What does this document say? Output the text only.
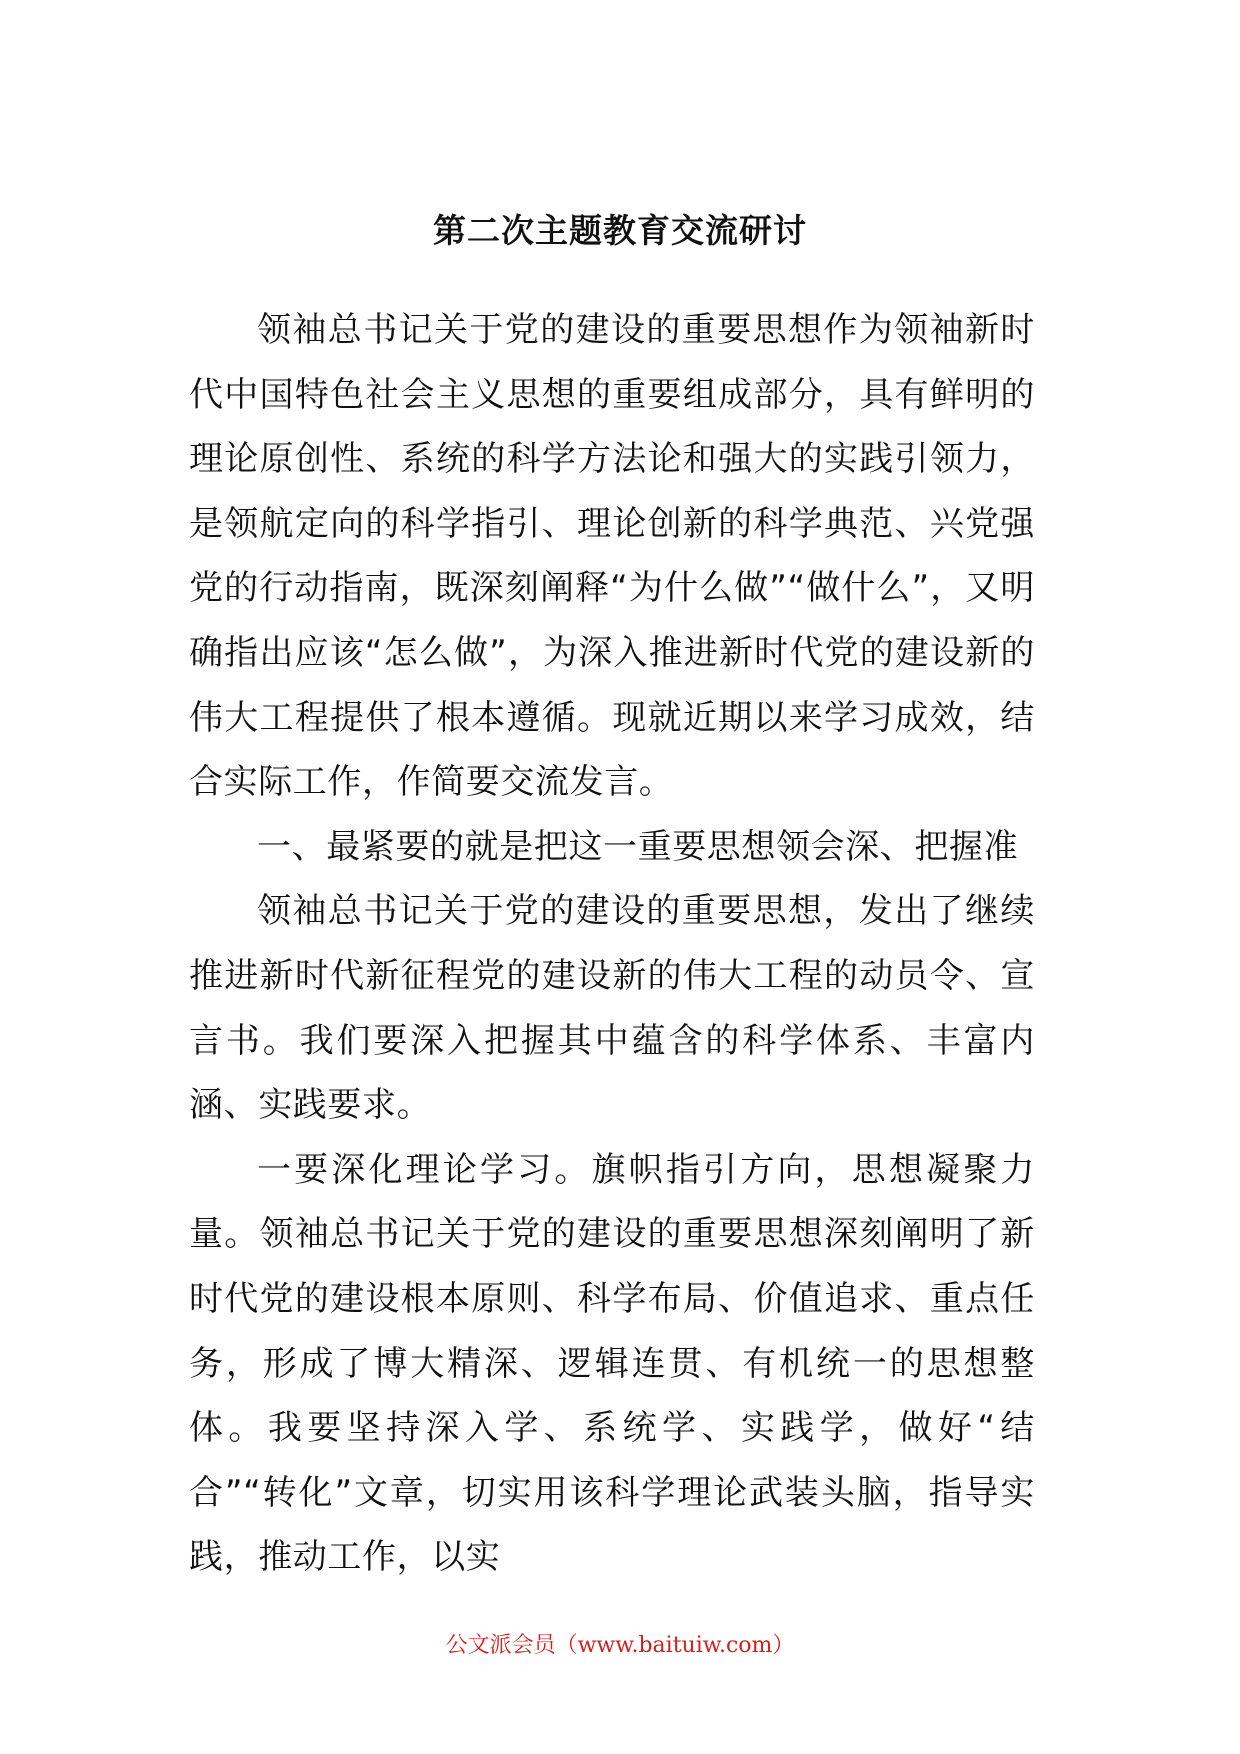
第二次主题教育交流研讨

领袖总书记关于党的建设的重要思想作为领袖新时代中国特色社会主义思想的重要组成部分，具有鲜明的理论原创性、系统的科学方法论和强大的实践引领力，是领航定向的科学指引、理论创新的科学典范、兴党强党的行动指南，既深刻阐释“为什么做”“做什么”，又明确指出应该“怎么做”，为深入推进新时代党的建设新的伟大工程提供了根本遵循。现就近期以来学习成效，结合实际工作，作简要交流发言。

一、最紧要的就是把这一重要思想领会深、把握准

领袖总书记关于党的建设的重要思想，发出了继续推进新时代新征程党的建设新的伟大工程的动员令、宣言书。我们要深入把握其中蕴含的科学体系、丰富内涵、实践要求。

一要深化理论学习。旗帜指引方向，思想凝聚力量。领袖总书记关于党的建设的重要思想深刻阐明了新时代党的建设根本原则、科学布局、价值追求、重点任务，形成了博大精深、逻辑连贯、有机统一的思想整体。我要坚持深入学、系统学、实践学，做好“结合”“转化”文章，切实用该科学理论武装头脑，指导实践，推动工作，以实

公文派会员（www.baituiw.com）
